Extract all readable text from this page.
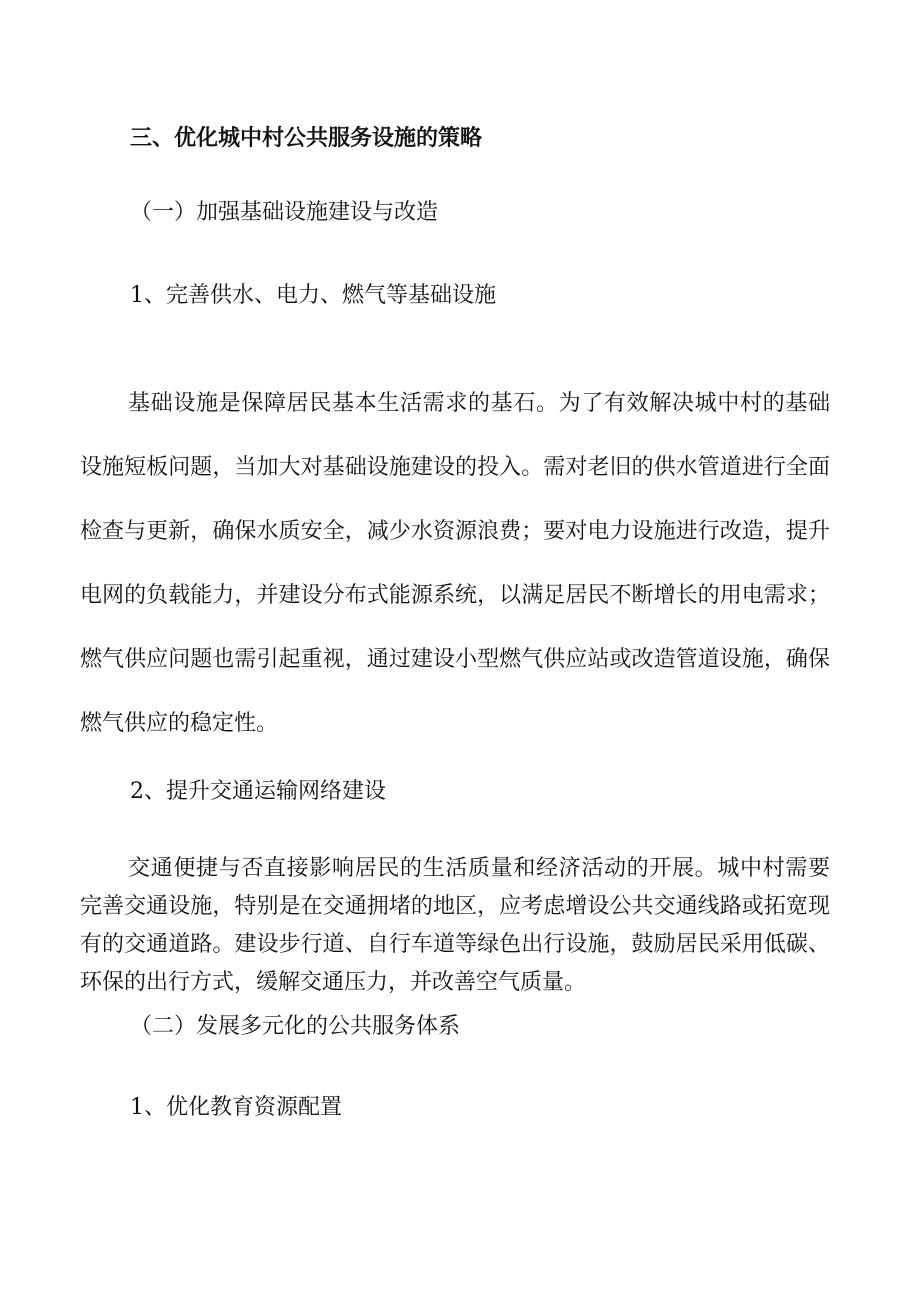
三、优化城中村公共服务设施的策略
（一）加强基础设施建设与改造
1、完善供水、电力、燃气等基础设施
基础设施是保障居民基本生活需求的基石。为了有效解决城中村的基础设施短板问题，当加大对基础设施建设的投入。需对老旧的供水管道进行全面检查与更新，确保水质安全，减少水资源浪费；要对电力设施进行改造，提升电网的负载能力，并建设分布式能源系统，以满足居民不断增长的用电需求；燃气供应问题也需引起重视，通过建设小型燃气供应站或改造管道设施，确保燃气供应的稳定性。
2、提升交通运输网络建设
交通便捷与否直接影响居民的生活质量和经济活动的开展。城中村需要完善交通设施，特别是在交通拥堵的地区，应考虑增设公共交通线路或拓宽现有的交通道路。建设步行道、自行车道等绿色出行设施，鼓励居民采用低碳、环保的出行方式，缓解交通压力，并改善空气质量。
（二）发展多元化的公共服务体系
1、优化教育资源配置
